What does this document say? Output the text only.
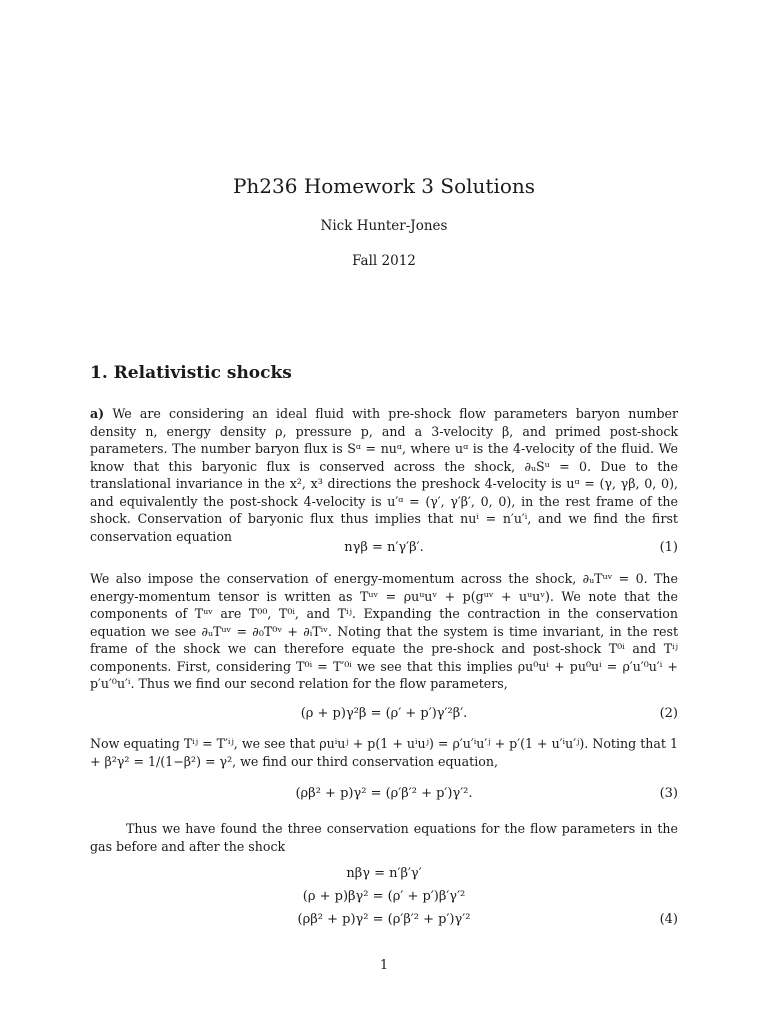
Ph236 Homework 3 Solutions
Nick Hunter-Jones
Fall 2012
1. Relativistic shocks

a) We are considering an ideal fluid with pre-shock flow parameters baryon number density n, energy density ρ, pressure p, and a 3-velocity β, and primed post-shock parameters. The number baryon flux is Sᵅ = nuᵅ, where uᵅ is the 4-velocity of the fluid. We know that this baryonic flux is conserved across the shock, ∂ᵤSᵘ = 0. Due to the translational invariance in the x², x³ directions the preshock 4-velocity is uᵅ = (γ, γβ, 0, 0), and equivalently the post-shock 4-velocity is u′ᵅ = (γ′, γ′β′, 0, 0), in the rest frame of the shock. Conservation of baryonic flux thus implies that nuⁱ = n′u′ⁱ, and we find the first conservation equation

nγβ = n′γ′β′.	(1)

We also impose the conservation of energy-momentum across the shock, ∂ᵤTᵘᵛ = 0. The energy-momentum tensor is written as Tᵘᵛ = ρuᵘuᵛ + p(gᵘᵛ + uᵘuᵛ). We note that the components of Tᵘᵛ are T⁰⁰, T⁰ⁱ, and Tⁱʲ. Expanding the contraction in the conservation equation we see ∂ᵤTᵘᵛ = ∂₀T⁰ᵛ + ∂ᵢTⁱᵛ. Noting that the system is time invariant, in the rest frame of the shock we can therefore equate the pre-shock and post-shock T⁰ⁱ and Tⁱʲ components. First, considering T⁰ⁱ = T′⁰ⁱ we see that this implies ρu⁰uⁱ + pu⁰uⁱ = ρ′u′⁰u′ⁱ + p′u′⁰u′ⁱ. Thus we find our second relation for the flow parameters,

(ρ + p)γ²β = (ρ′ + p′)γ′²β′.	(2)

Now equating Tⁱʲ = T′ⁱʲ, we see that ρuⁱuʲ + p(1 + uⁱuʲ) = ρ′u′ⁱu′ʲ + p′(1 + u′ⁱu′ʲ). Noting that 1 + β²γ² = 1/(1−β²) = γ², we find our third conservation equation,

(ρβ² + p)γ² = (ρ′β′² + p′)γ′².	(3)

Thus we have found the three conservation equations for the flow parameters in the gas before and after the shock

nβγ = n′β′γ′
(ρ + p)βγ² = (ρ′ + p′)β′γ′²
(ρβ² + p)γ² = (ρ′β′² + p′)γ′²	(4)
1
